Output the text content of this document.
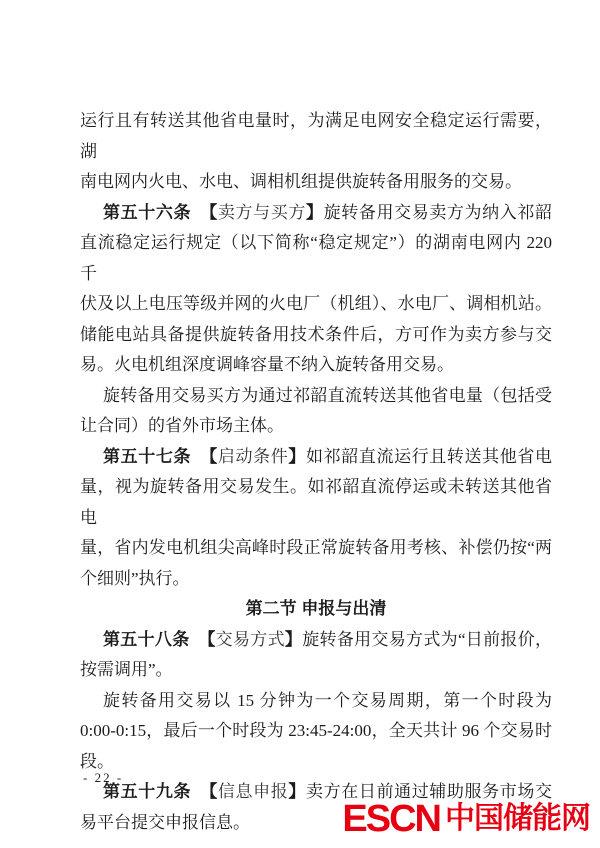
运行且有转送其他省电量时，为满足电网安全稳定运行需要，湖
南电网内火电、水电、调相机组提供旋转备用服务的交易。
第五十六条　 【卖方与买方】旋转备用交易卖方为纳入祁韶
直流稳定运行规定（以下简称“稳定规定”）的湖南电网内 220 千
伏及以上电压等级并网的火电厂（机组）、水电厂、调相机站。
储能电站具备提供旋转备用技术条件后，方可作为卖方参与交
易。火电机组深度调峰容量不纳入旋转备用交易。
旋转备用交易买方为通过祁韶直流转送其他省电量（包括受
让合同）的省外市场主体。
第五十七条　 【启动条件】如祁韶直流运行且转送其他省电
量，视为旋转备用交易发生。如祁韶直流停运或未转送其他省电
量，省内发电机组尖高峰时段正常旋转备用考核、补偿仍按“两
个细则”执行。
第二节 申报与出清
第五十八条　 【交易方式】旋转备用交易方式为“日前报价，
按需调用”。
旋转备用交易以 15 分钟为一个交易周期，第一个时段为
0:00-0:15，最后一个时段为 23:45-24:00，全天共计 96 个交易时
段。
第五十九条　 【信息申报】卖方在日前通过辅助服务市场交
易平台提交申报信息。
- 22 -
ESCN 中国储能网
